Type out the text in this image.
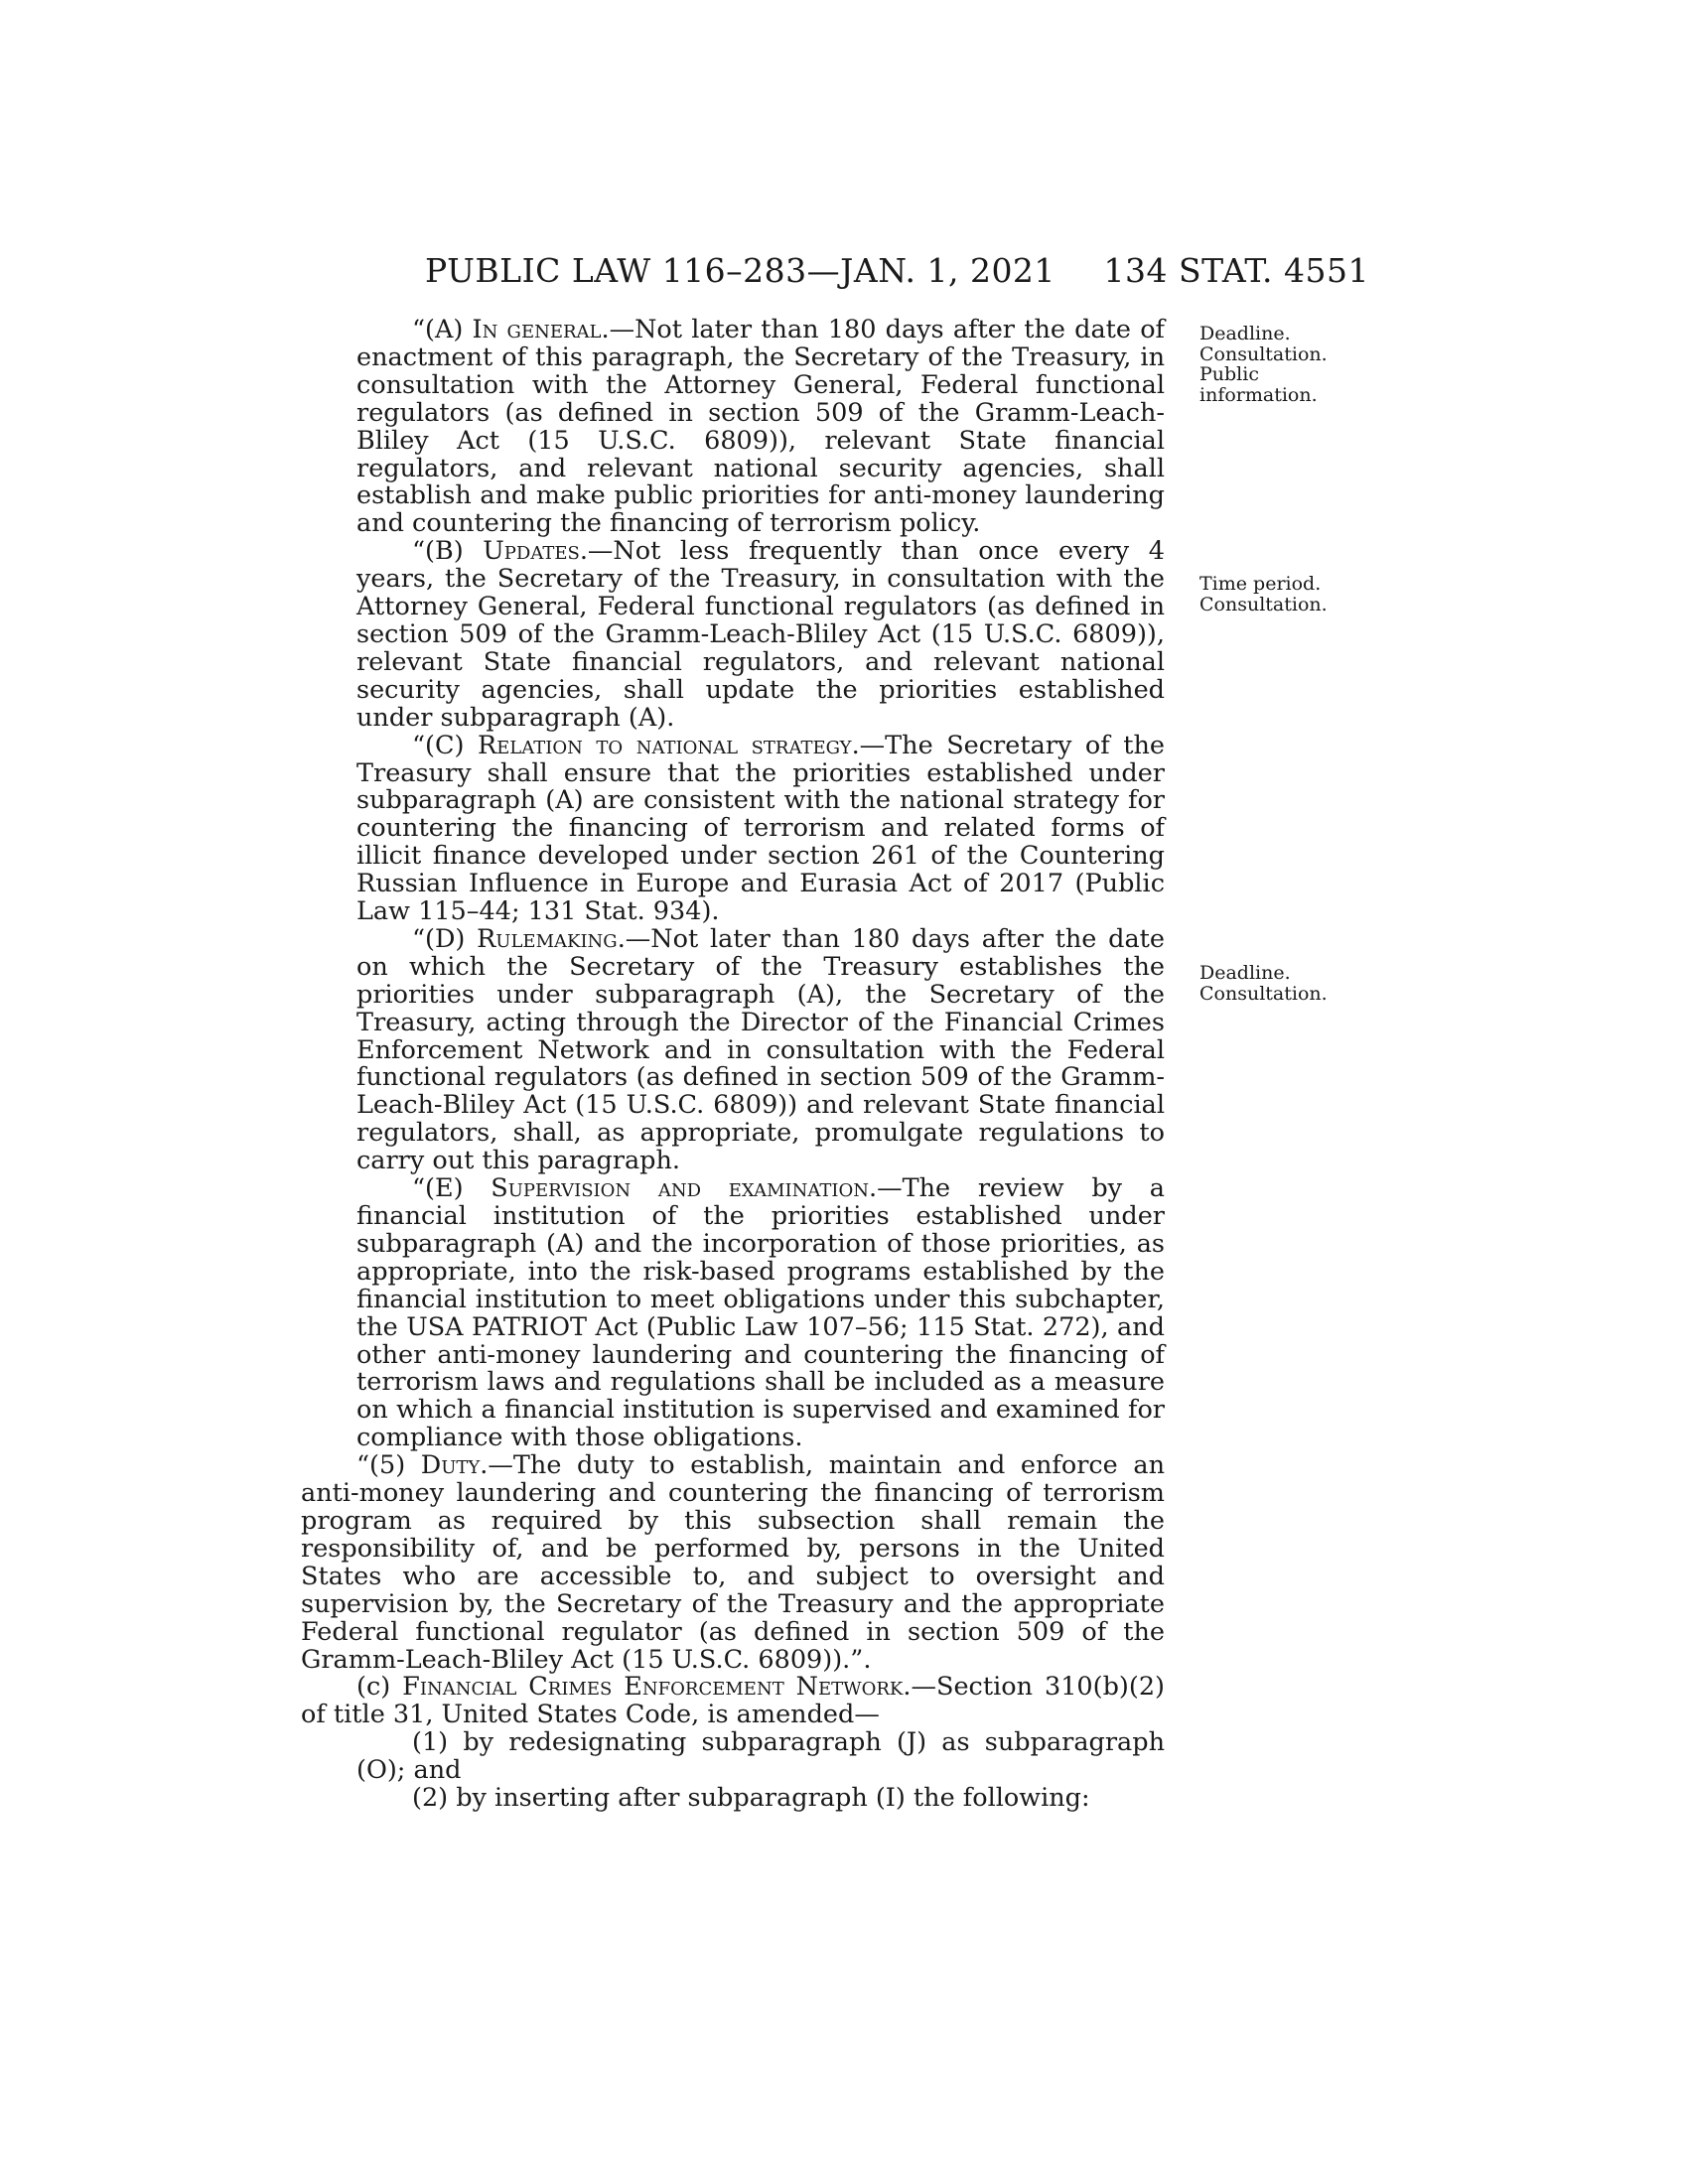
PUBLIC LAW 116–283—JAN. 1, 2021 134 STAT. 4551

“(A) In general.—Not later than 180 days after the date of enactment of this paragraph, the Secretary of the Treasury, in consultation with the Attorney General, Federal functional regulators (as defined in section 509 of the Gramm-Leach-Bliley Act (15 U.S.C. 6809)), relevant State financial regulators, and relevant national security agencies, shall establish and make public priorities for anti-money laundering and countering the financing of terrorism policy.

“(B) Updates.—Not less frequently than once every 4 years, the Secretary of the Treasury, in consultation with the Attorney General, Federal functional regulators (as defined in section 509 of the Gramm-Leach-Bliley Act (15 U.S.C. 6809)), relevant State financial regulators, and relevant national security agencies, shall update the priorities established under subparagraph (A).

“(C) Relation to national strategy.—The Secretary of the Treasury shall ensure that the priorities established under subparagraph (A) are consistent with the national strategy for countering the financing of terrorism and related forms of illicit finance developed under section 261 of the Countering Russian Influence in Europe and Eurasia Act of 2017 (Public Law 115–44; 131 Stat. 934).

“(D) Rulemaking.—Not later than 180 days after the date on which the Secretary of the Treasury establishes the priorities under subparagraph (A), the Secretary of the Treasury, acting through the Director of the Financial Crimes Enforcement Network and in consultation with the Federal functional regulators (as defined in section 509 of the Gramm-Leach-Bliley Act (15 U.S.C. 6809)) and relevant State financial regulators, shall, as appropriate, promulgate regulations to carry out this paragraph.

“(E) Supervision and examination.—The review by a financial institution of the priorities established under subparagraph (A) and the incorporation of those priorities, as appropriate, into the risk-based programs established by the financial institution to meet obligations under this subchapter, the USA PATRIOT Act (Public Law 107–56; 115 Stat. 272), and other anti-money laundering and countering the financing of terrorism laws and regulations shall be included as a measure on which a financial institution is supervised and examined for compliance with those obligations.

“(5) Duty.—The duty to establish, maintain and enforce an anti-money laundering and countering the financing of terrorism program as required by this subsection shall remain the responsibility of, and be performed by, persons in the United States who are accessible to, and subject to oversight and supervision by, the Secretary of the Treasury and the appropriate Federal functional regulator (as defined in section 509 of the Gramm-Leach-Bliley Act (15 U.S.C. 6809)).”.

(c) Financial Crimes Enforcement Network.—Section 310(b)(2) of title 31, United States Code, is amended—

(1) by redesignating subparagraph (J) as subparagraph (O); and

(2) by inserting after subparagraph (I) the following:

Deadline.
Consultation.
Public
information.
Time period.
Consultation.
Deadline.
Consultation.
